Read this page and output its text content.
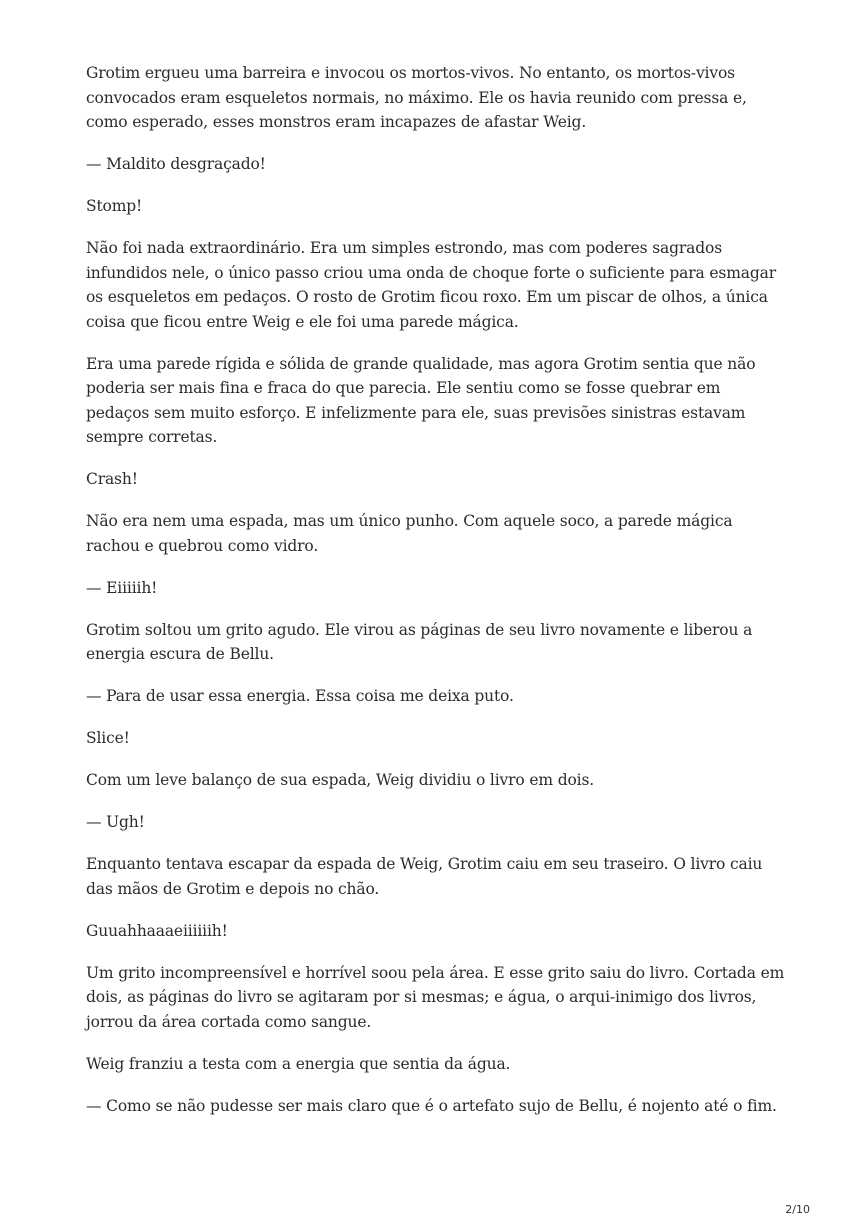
Grotim ergueu uma barreira e invocou os mortos-vivos. No entanto, os mortos-vivos convocados eram esqueletos normais, no máximo. Ele os havia reunido com pressa e, como esperado, esses monstros eram incapazes de afastar Weig.

— Maldito desgraçado!

Stomp!

Não foi nada extraordinário. Era um simples estrondo, mas com poderes sagrados infundidos nele, o único passo criou uma onda de choque forte o suficiente para esmagar os esqueletos em pedaços. O rosto de Grotim ficou roxo. Em um piscar de olhos, a única coisa que ficou entre Weig e ele foi uma parede mágica.

Era uma parede rígida e sólida de grande qualidade, mas agora Grotim sentia que não poderia ser mais fina e fraca do que parecia. Ele sentiu como se fosse quebrar em pedaços sem muito esforço. E infelizmente para ele, suas previsões sinistras estavam sempre corretas.

Crash!

Não era nem uma espada, mas um único punho. Com aquele soco, a parede mágica rachou e quebrou como vidro.

— Eiiiiih!

Grotim soltou um grito agudo. Ele virou as páginas de seu livro novamente e liberou a energia escura de Bellu.

— Para de usar essa energia. Essa coisa me deixa puto.

Slice!

Com um leve balanço de sua espada, Weig dividiu o livro em dois.

— Ugh!

Enquanto tentava escapar da espada de Weig, Grotim caiu em seu traseiro. O livro caiu das mãos de Grotim e depois no chão.

Guuahhaaaeiiiiiih!

Um grito incompreensível e horrível soou pela área. E esse grito saiu do livro. Cortada em dois, as páginas do livro se agitaram por si mesmas; e água, o arqui-inimigo dos livros, jorrou da área cortada como sangue.

Weig franziu a testa com a energia que sentia da água.

— Como se não pudesse ser mais claro que é o artefato sujo de Bellu, é nojento até o fim.

2/10
